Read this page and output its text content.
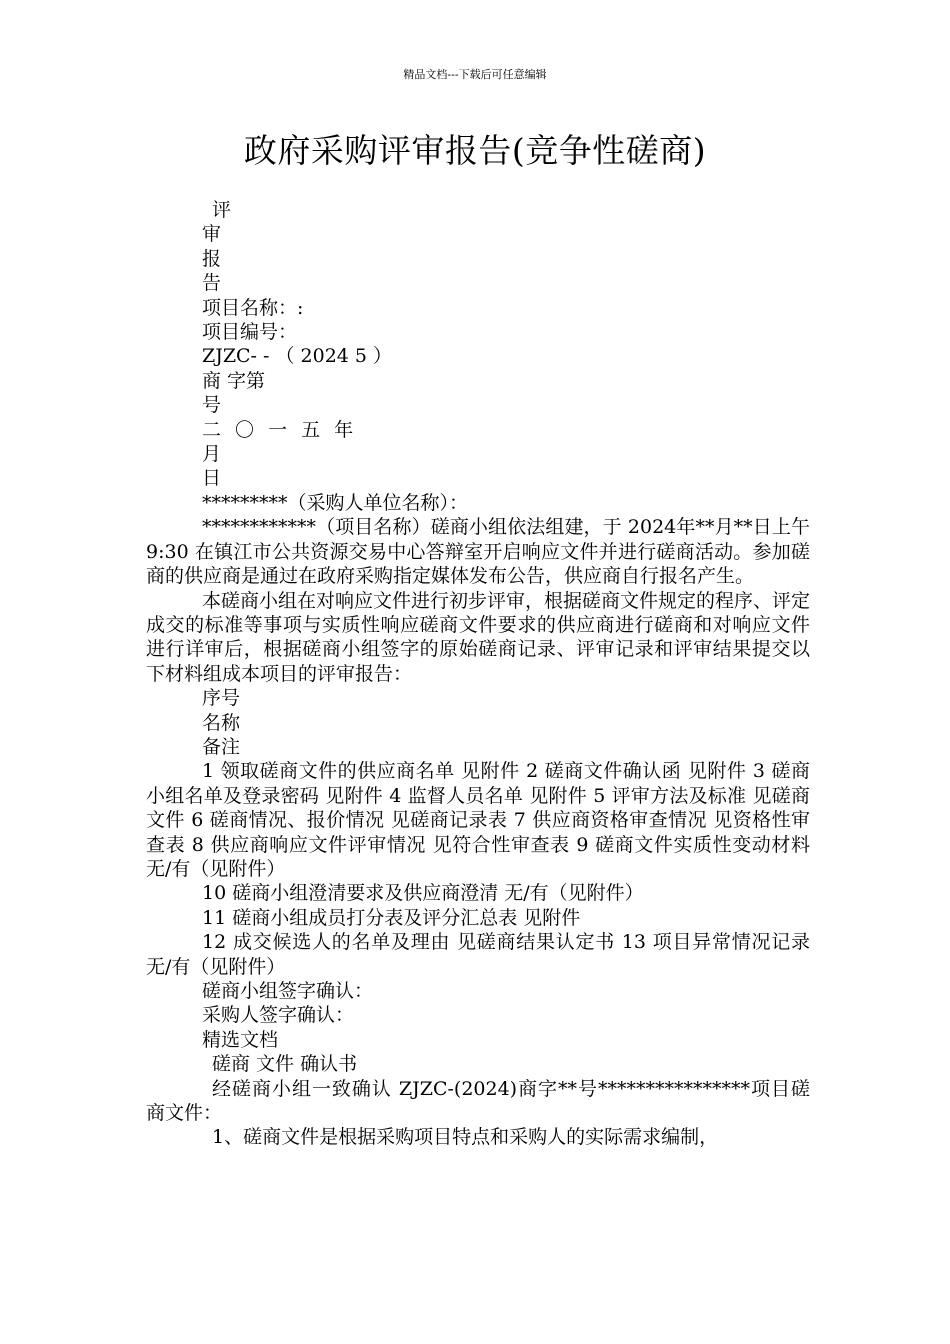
精品文档---下载后可任意编辑
政府采购评审报告(竞争性磋商)

评

审

报

告

项目名称：:

项目编号：

ZJZC- - （ 2024 5 ）

商 字第

号

二 〇 一 五 年

月

日

*********（采购人单位名称）：

************（项目名称）磋商小组依法组建，于 2024年**月**日上午 9:30 在镇江市公共资源交易中心答辩室开启响应文件并进行磋商活动。参加磋商的供应商是通过在政府采购指定媒体发布公告，供应商自行报名产生。

本磋商小组在对响应文件进行初步评审，根据磋商文件规定的程序、评定成交的标准等事项与实质性响应磋商文件要求的供应商进行磋商和对响应文件进行详审后，根据磋商小组签字的原始磋商记录、评审记录和评审结果提交以下材料组成本项目的评审报告：

序号

名称

备注

1 领取磋商文件的供应商名单 见附件 2 磋商文件确认函 见附件 3 磋商小组名单及登录密码 见附件 4 监督人员名单 见附件 5 评审方法及标准 见磋商文件 6 磋商情况、报价情况 见磋商记录表 7 供应商资格审查情况 见资格性审查表 8 供应商响应文件评审情况 见符合性审查表 9 磋商文件实质性变动材料 无/有（见附件）

10 磋商小组澄清要求及供应商澄清 无/有（见附件）

11 磋商小组成员打分表及评分汇总表 见附件

12 成交候选人的名单及理由 见磋商结果认定书 13 项目异常情况记录 无/有（见附件）

磋商小组签字确认：

采购人签字确认：

精选文档

磋商 文件 确认书

经磋商小组一致确认 ZJZC-(2024)商字**号****************项目磋商文件：

1、磋商文件是根据采购项目特点和采购人的实际需求编制，
